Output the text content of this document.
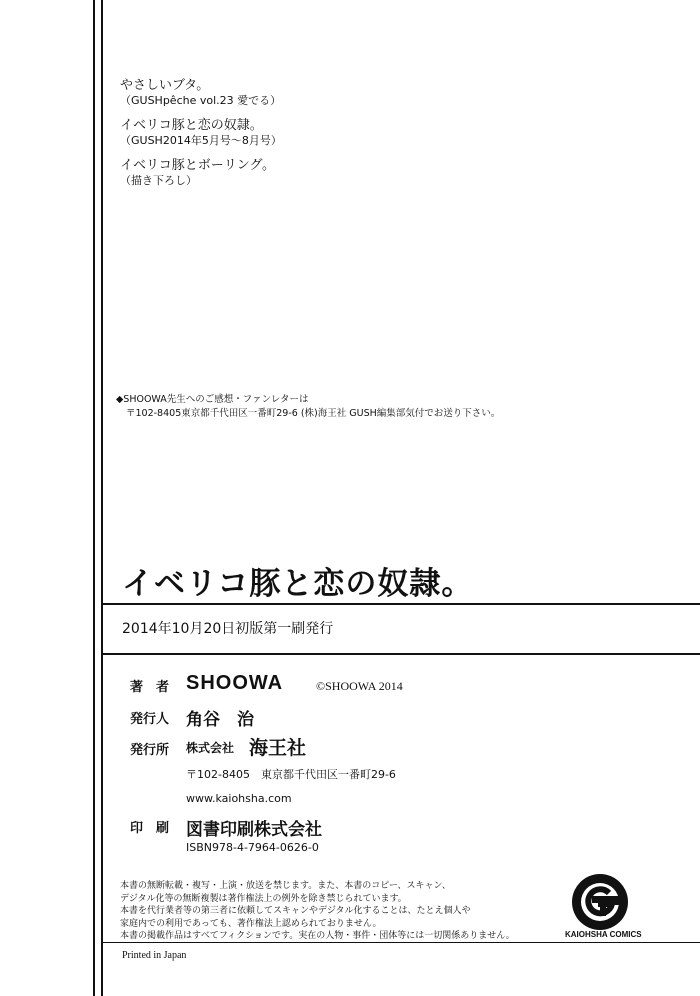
やさしいブタ。
（GUSHpêche vol.23 愛でる）
イベリコ豚と恋の奴隷。
（GUSH2014年5月号〜8月号）
イベリコ豚とボーリング。
（描き下ろし）
◆SHOOWA先生へのご感想・ファンレターは
〒102-8405東京都千代田区一番町29-6 (株)海王社 GUSH編集部気付でお送り下さい。
イベリコ豚と恋の奴隷。
2014年10月20日初版第一刷発行
著　者 SHOOWA	©SHOOWA 2014
発行人 角谷　治
発行所 株式会社 海王社
〒102-8405　東京都千代田区一番町29-6
www.kaiohsha.com
印　刷 図書印刷株式会社
ISBN978-4-7964-0626-0
本書の無断転載・複写・上演・放送を禁じます。また、本書のコピー、スキャン、
デジタル化等の無断複製は著作権法上の例外を除き禁じられています。
本書を代行業者等の第三者に依頼してスキャンやデジタル化することは、たとえ個人や
家庭内での利用であっても、著作権法上認められておりません。
本書の掲載作品はすべてフィクションです。実在の人物・事件・団体等には一切関係ありません。	KAIOHSHA COMICS
Printed in Japan
